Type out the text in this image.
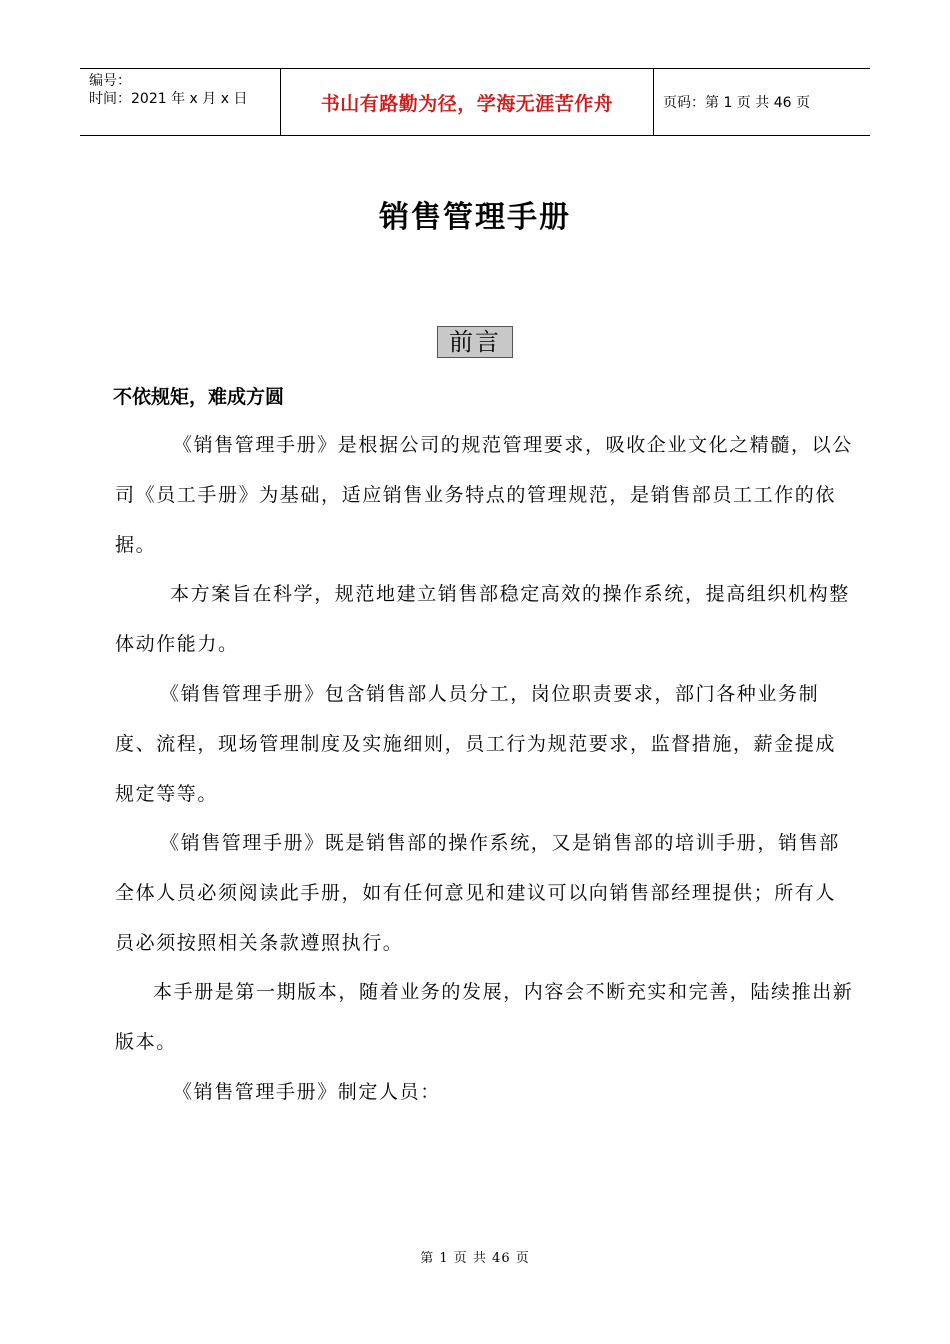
编号：
时间：2021 年 x 月 x 日	书山有路勤为径，学海无涯苦作舟	页码：第 1 页 共 46 页
销售管理手册
前言
不依规矩，难成方圆

《销售管理手册》是根据公司的规范管理要求，吸收企业文化之精髓，以公司《员工手册》为基础，适应销售业务特点的管理规范，是销售部员工工作的依据。

本方案旨在科学，规范地建立销售部稳定高效的操作系统，提高组织机构整体动作能力。

《销售管理手册》包含销售部人员分工，岗位职责要求，部门各种业务制度、流程，现场管理制度及实施细则，员工行为规范要求，监督措施，薪金提成规定等等。

《销售管理手册》既是销售部的操作系统，又是销售部的培训手册，销售部全体人员必须阅读此手册，如有任何意见和建议可以向销售部经理提供；所有人员必须按照相关条款遵照执行。

本手册是第一期版本，随着业务的发展，内容会不断充实和完善，陆续推出新版本。

《销售管理手册》制定人员：

第 1 页 共 46 页
